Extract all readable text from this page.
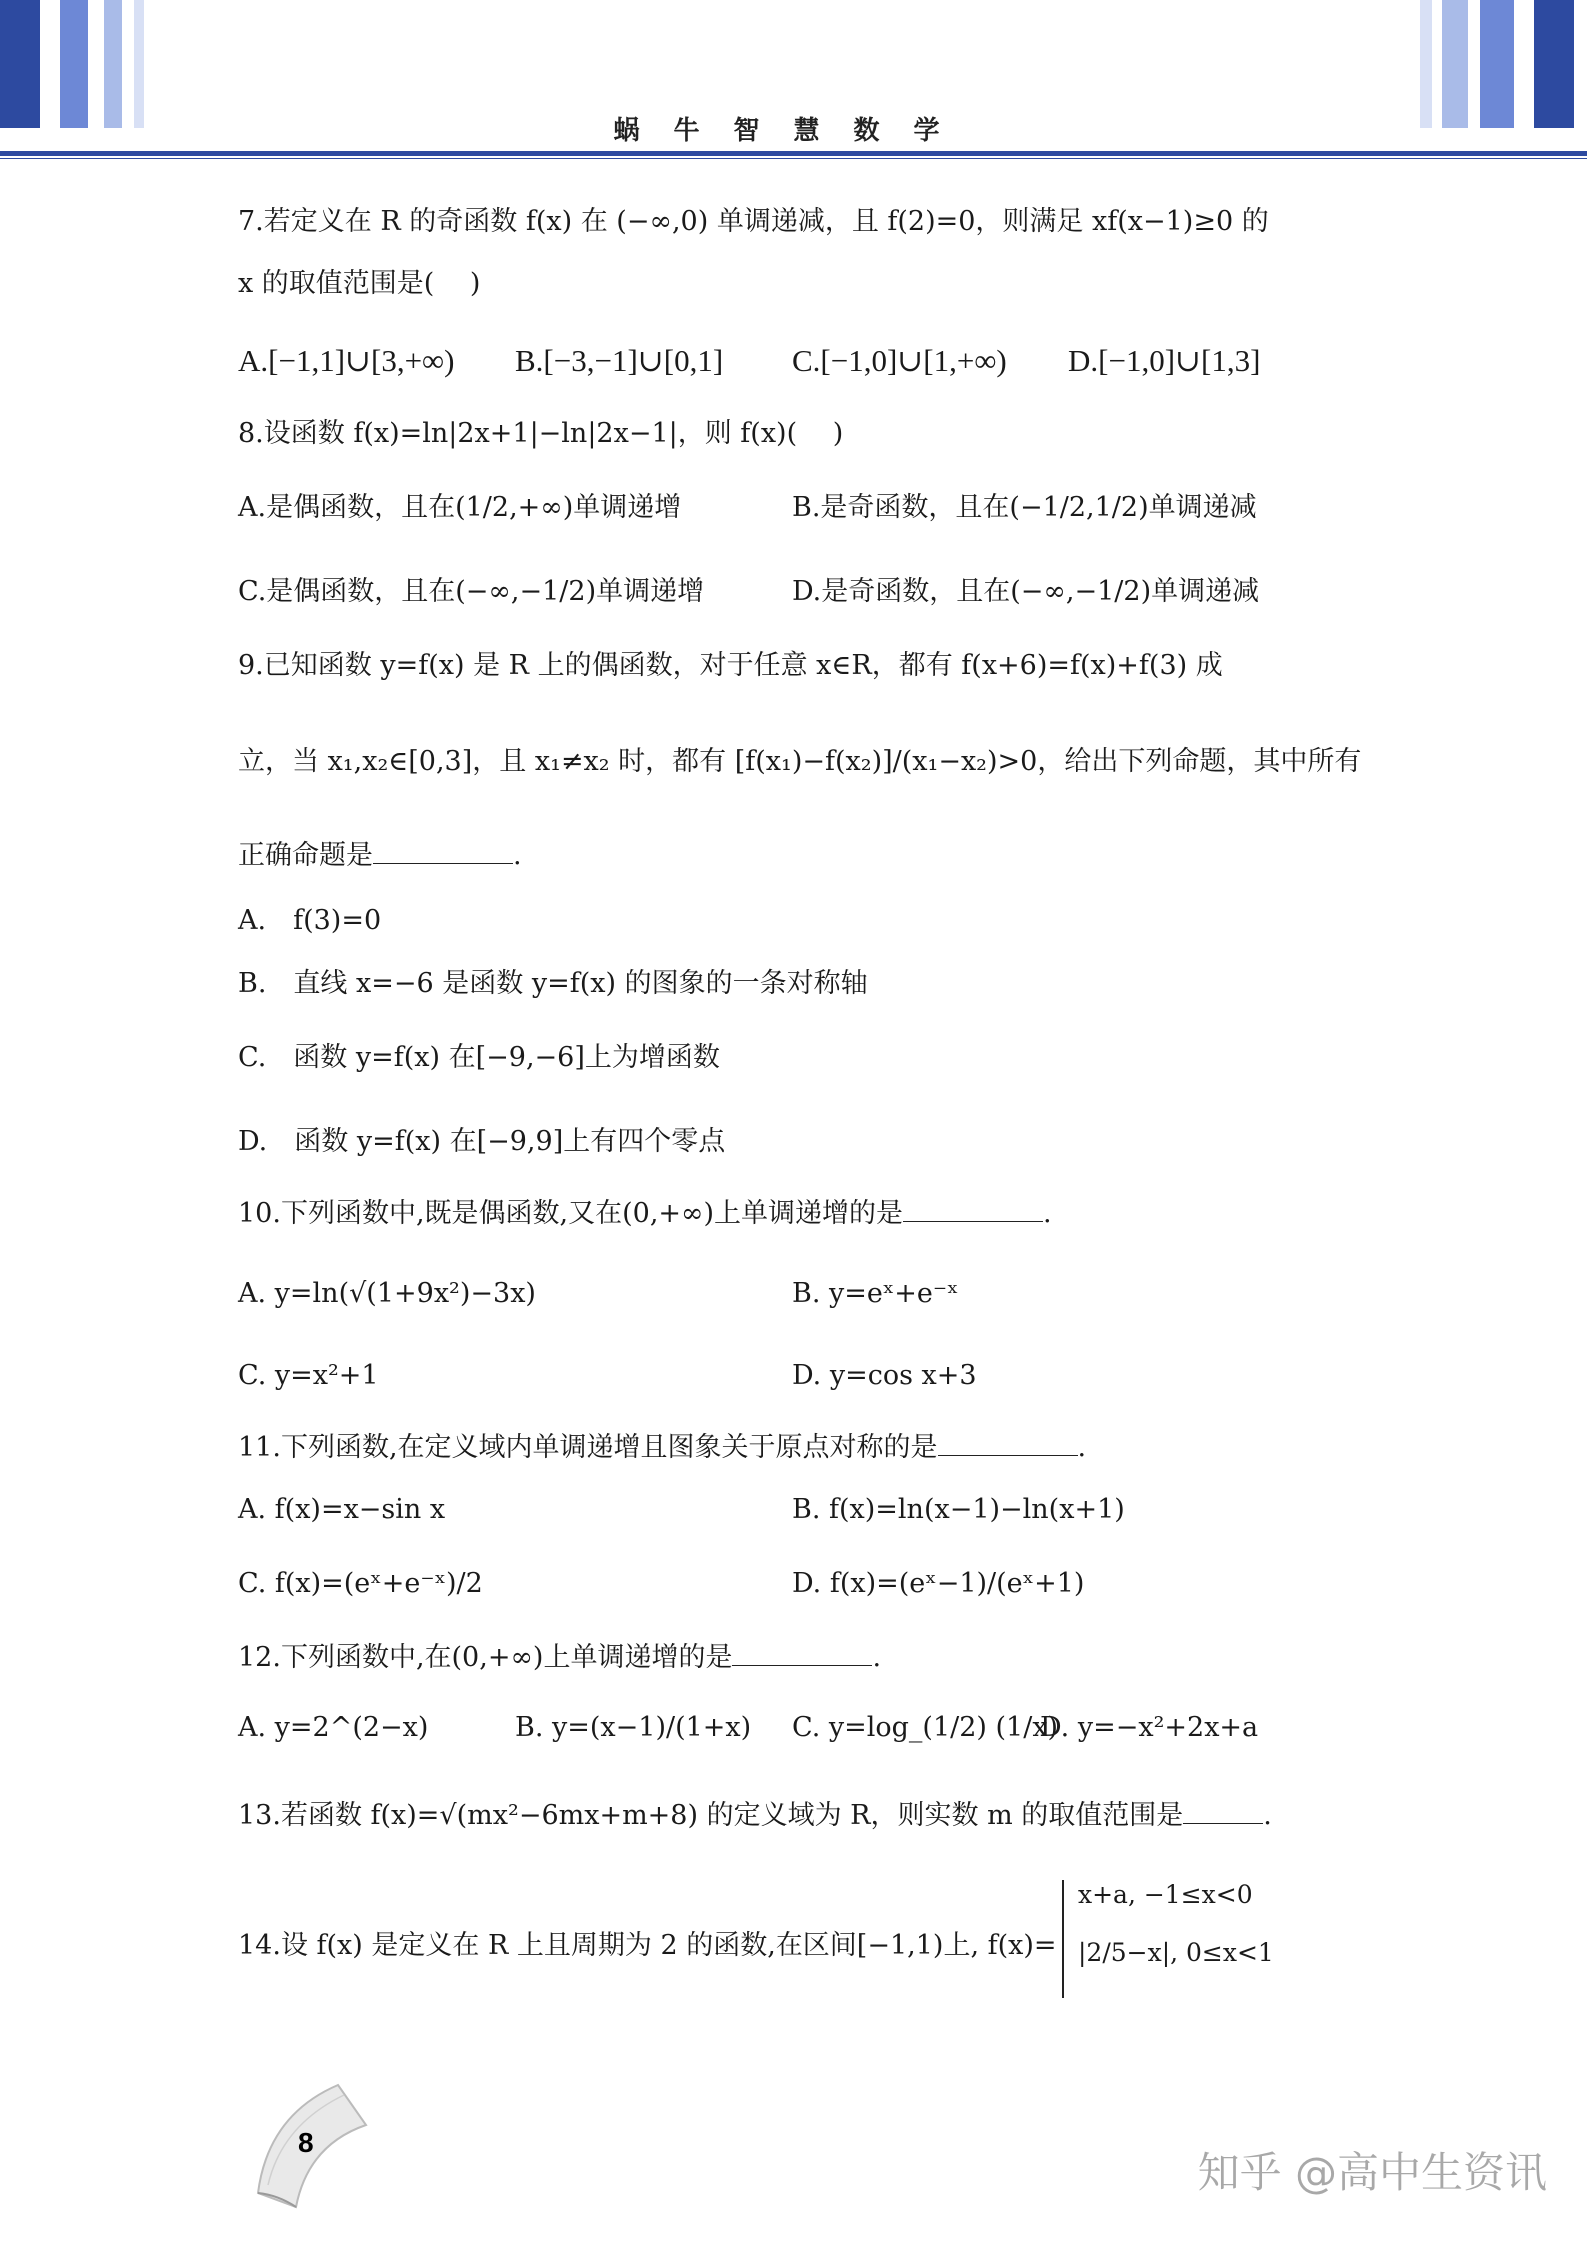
蜗牛智慧数学
7.若定义在 R 的奇函数 f(x) 在 (−∞,0) 单调递减，且 f(2)=0，则满足 xf(x−1)≥0 的
x 的取值范围是(　 )
A.[−1,1]∪[3,+∞) B.[−3,−1]∪[0,1] C.[−1,0]∪[1,+∞) D.[−1,0]∪[1,3]
8.设函数 f(x)=ln|2x+1|−ln|2x−1|，则 f(x)(　 )
A.是偶函数，且在(1/2,+∞)单调递增	B.是奇函数，且在(−1/2,1/2)单调递减
C.是偶函数，且在(−∞,−1/2)单调递增	D.是奇函数，且在(−∞,−1/2)单调递减
9.已知函数 y=f(x) 是 R 上的偶函数，对于任意 x∈R，都有 f(x+6)=f(x)+f(3) 成
立，当 x₁,x₂∈[0,3]，且 x₁≠x₂ 时，都有 [f(x₁)−f(x₂)]/(x₁−x₂)>0，给出下列命题，其中所有
正确命题是	.
A.　f(3)=0
B.　直线 x=−6 是函数 y=f(x) 的图象的一条对称轴
C.　函数 y=f(x) 在[−9,−6]上为增函数
D.　函数 y=f(x) 在[−9,9]上有四个零点
10.下列函数中,既是偶函数,又在(0,+∞)上单调递增的是	.
A. y=ln(√(1+9x²)−3x)	B. y=eˣ+e⁻ˣ
C. y=x²+1	D. y=cos x+3
11.下列函数,在定义域内单调递增且图象关于原点对称的是	.
A. f(x)=x−sin x	B. f(x)=ln(x−1)−ln(x+1)
C. f(x)=(eˣ+e⁻ˣ)/2	D. f(x)=(eˣ−1)/(eˣ+1)
12.下列函数中,在(0,+∞)上单调递增的是	.
A. y=2^(2−x)	B. y=(x−1)/(1+x) C. y=log_(1/2) (1/x)
D. y=−x²+2x+a
13.若函数 f(x)=√(mx²−6mx+m+8) 的定义域为 R，则实数 m 的取值范围是	.
14.设 f(x) 是定义在 R 上且周期为 2 的函数,在区间[−1,1)上, f(x)=
x+a, −1≤x<0
|2/5−x|, 0≤x<1
8
知乎 @高中生资讯
